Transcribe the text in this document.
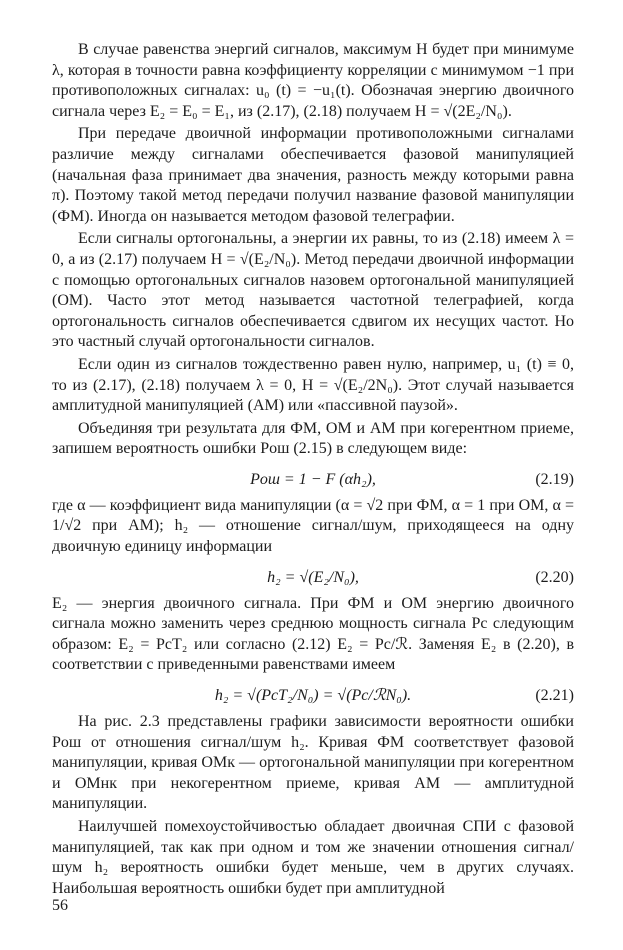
В случае равенства энергий сигналов, максимум H будет при минимуме λ, которая в точности равна коэффициенту корреляции с минимумом −1 при противоположных сигналах: u₀ (t) = −u₁(t). Обозначая энергию двоичного сигнала через E₂ = E₀ = E₁, из (2.17), (2.18) получаем H = √(2E₂/N₀).

При передаче двоичной информации противоположными сигналами различие между сигналами обеспечивается фазовой манипуляцией (начальная фаза принимает два значения, разность между которыми равна π). Поэтому такой метод передачи получил название фазовой манипуляции (ФМ). Иногда он называется методом фазовой телеграфии.

Если сигналы ортогональны, а энергии их равны, то из (2.18) имеем λ = 0, а из (2.17) получаем H = √(E₂/N₀). Метод передачи двоичной информации с помощью ортогональных сигналов назовем ортогональной манипуляцией (ОМ). Часто этот метод называется частотной телеграфией, когда ортогональность сигналов обеспечивается сдвигом их несущих частот. Но это частный случай ортогональности сигналов.

Если один из сигналов тождественно равен нулю, например, u₁ (t) ≡ 0, то из (2.17), (2.18) получаем λ = 0, H = √(E₂/2N₀). Этот случай называется амплитудной манипуляцией (АМ) или «пассивной паузой».

Объединяя три результата для ФМ, ОМ и АМ при когерентном приеме, запишем вероятность ошибки Pош (2.15) в следующем виде:

Pош = 1 − F (αh₂),	(2.19)

где α — коэффициент вида манипуляции (α = √2 при ФМ, α = 1 при ОМ, α = 1/√2 при АМ); h₂ — отношение сигнал/шум, приходящееся на одну двоичную единицу информации

h₂ = √(E₂/N₀),	(2.20)

E₂ — энергия двоичного сигнала. При ФМ и ОМ энергию двоичного сигнала можно заменить через среднюю мощность сигнала Pс следующим образом: E₂ = PсT₂ или согласно (2.12) E₂ = Pс/ℛ. Заменяя E₂ в (2.20), в соответствии с приведенными равенствами имеем

h₂ = √(PсT₂/N₀) = √(Pс/ℛN₀).	(2.21)

На рис. 2.3 представлены графики зависимости вероятности ошибки Pош от отношения сигнал/шум h₂. Кривая ФМ соответствует фазовой манипуляции, кривая ОМк — ортогональной манипуляции при когерентном и ОМнк при некогерентном приеме, кривая АМ — амплитудной манипуляции.

Наилучшей помехоустойчивостью обладает двоичная СПИ с фазовой манипуляцией, так как при одном и том же значении отношения сигнал/шум h₂ вероятность ошибки будет меньше, чем в других случаях. Наибольшая вероятность ошибки будет при амплитудной

56
